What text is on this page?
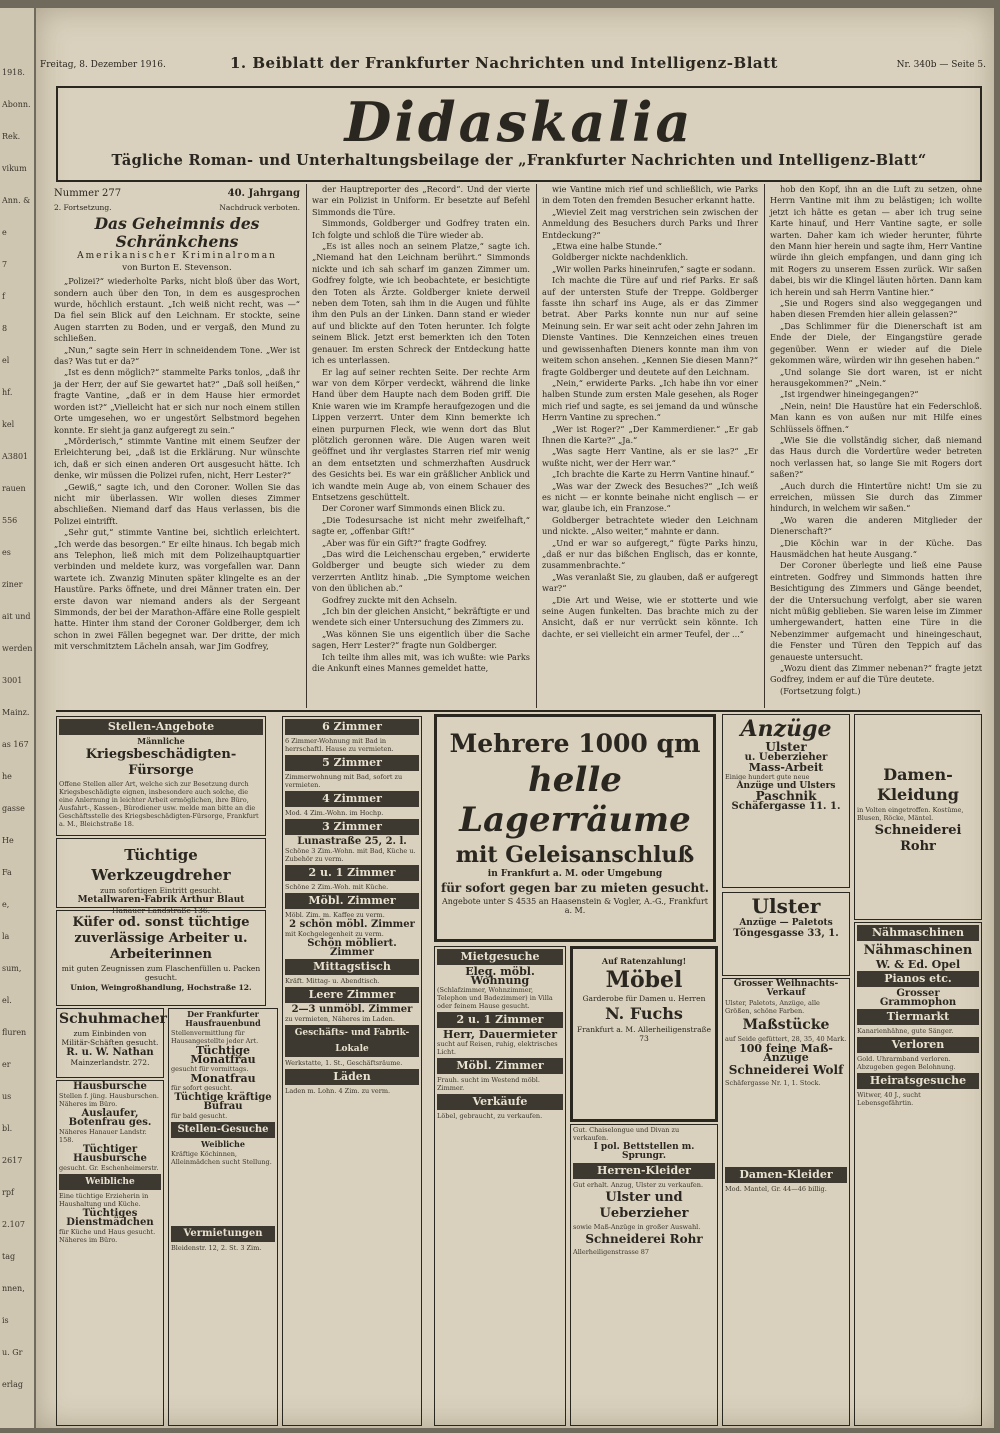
1918.
Abonn.
Rek.
vikum
Ann. &
e
7
f
8
el
hf.
kel
A3801
rauen
556
es
ziner
ait und
werden
3001
Mainz.
as 167
he
gasse
He
Fa
e,
la
sum,
el.
fluren
er
us
bl.
2617
rpf
2.107
tag
nnen,
is
u. Gr
erlag
Freitag, 8. Dezember 1916.	1. Beiblatt der Frankfurter Nachrichten und Intelligenz-Blatt	Nr. 340b — Seite 5.
Didaskalia
Tägliche Roman- und Unterhaltungsbeilage der „Frankfurter Nachrichten und Intelligenz-Blatt“
Nummer 277	40. Jahrgang
2. Fortsetzung.	Nachdruck verboten.
Das Geheimnis des Schränkchens
Amerikanischer Kriminalroman
von Burton E. Stevenson.

„Polizei?“ wiederholte Parks, nicht bloß über das Wort, sondern auch über den Ton, in dem es ausgesprochen wurde, höchlich erstaunt. „Ich weiß nicht recht, was —“ Da fiel sein Blick auf den Leichnam. Er stockte, seine Augen starrten zu Boden, und er vergaß, den Mund zu schließen.

„Nun,“ sagte sein Herr in schneidendem Tone. „Wer ist das? Was tut er da?“

„Ist es denn möglich?“ stammelte Parks tonlos, „daß ihr ja der Herr, der auf Sie gewartet hat?“ „Daß soll heißen,“ fragte Vantine, „daß er in dem Hause hier ermordet worden ist?“ „Vielleicht hat er sich nur noch einem stillen Orte umgesehen, wo er ungestört Selbstmord begehen konnte. Er sieht ja ganz aufgeregt zu sein.“

„Mörderisch,“ stimmte Vantine mit einem Seufzer der Erleichterung bei, „daß ist die Erklärung. Nur wünschte ich, daß er sich einen anderen Ort ausgesucht hätte. Ich denke, wir müssen die Polizei rufen, nicht, Herr Lester?“

„Gewiß,“ sagte ich, und den Coroner. Wollen Sie das nicht mir überlassen. Wir wollen dieses Zimmer abschließen. Niemand darf das Haus verlassen, bis die Polizei eintrifft.

„Sehr gut,“ stimmte Vantine bei, sichtlich erleichtert. „Ich werde das besorgen.“ Er eilte hinaus. Ich begab mich ans Telephon, ließ mich mit dem Polizeihauptquartier verbinden und meldete kurz, was vorgefallen war. Dann wartete ich. Zwanzig Minuten später klingelte es an der Haustüre. Parks öffnete, und drei Männer traten ein. Der erste davon war niemand anders als der Sergeant Simmonds, der bei der Marathon-Affäre eine Rolle gespielt hatte. Hinter ihm stand der Coroner Goldberger, dem ich schon in zwei Fällen begegnet war. Der dritte, der mich mit verschmitztem Lächeln ansah, war Jim Godfrey,

der Hauptreporter des „Record“. Und der vierte war ein Polizist in Uniform. Er besetzte auf Befehl Simmonds die Türe.

Simmonds, Goldberger und Godfrey traten ein. Ich folgte und schloß die Türe wieder ab.

„Es ist alles noch an seinem Platze,“ sagte ich. „Niemand hat den Leichnam berührt.“ Simmonds nickte und ich sah scharf im ganzen Zimmer um. Godfrey folgte, wie ich beobachtete, er besichtigte den Toten als Ärzte. Goldberger kniete derweil neben dem Toten, sah ihm in die Augen und fühlte ihm den Puls an der Linken. Dann stand er wieder auf und blickte auf den Toten herunter. Ich folgte seinem Blick. Jetzt erst bemerkten ich den Toten genauer. Im ersten Schreck der Entdeckung hatte ich es unterlassen.

Er lag auf seiner rechten Seite. Der rechte Arm war von dem Körper verdeckt, während die linke Hand über dem Haupte nach dem Boden griff. Die Knie waren wie im Krampfe heraufgezogen und die Lippen verzerrt. Unter dem Kinn bemerkte ich einen purpurnen Fleck, wie wenn dort das Blut plötzlich geronnen wäre. Die Augen waren weit geöffnet und ihr verglastes Starren rief mir wenig an dem entsetzten und schmerzhaften Ausdruck des Gesichts bei. Es war ein gräßlicher Anblick und ich wandte mein Auge ab, von einem Schauer des Entsetzens geschüttelt.

Der Coroner warf Simmonds einen Blick zu.

„Die Todesursache ist nicht mehr zweifelhaft,“ sagte er, „offenbar Gift!“

„Aber was für ein Gift?“ fragte Godfrey.

„Das wird die Leichenschau ergeben,“ erwiderte Goldberger und beugte sich wieder zu dem verzerrten Antlitz hinab. „Die Symptome weichen von den üblichen ab.“

Godfrey zuckte mit den Achseln.

„Ich bin der gleichen Ansicht,“ bekräftigte er und wendete sich einer Untersuchung des Zimmers zu.

„Was können Sie uns eigentlich über die Sache sagen, Herr Lester?“ fragte nun Goldberger.

Ich teilte ihm alles mit, was ich wußte: wie Parks die Ankunft eines Mannes gemeldet hatte,

wie Vantine mich rief und schließlich, wie Parks in dem Toten den fremden Besucher erkannt hatte.

„Wieviel Zeit mag verstrichen sein zwischen der Anmeldung des Besuchers durch Parks und Ihrer Entdeckung?“

„Etwa eine halbe Stunde.“

Goldberger nickte nachdenklich.

„Wir wollen Parks hineinrufen,“ sagte er sodann.

Ich machte die Türe auf und rief Parks. Er saß auf der untersten Stufe der Treppe. Goldberger fasste ihn scharf ins Auge, als er das Zimmer betrat. Aber Parks konnte nun nur auf seine Meinung sein. Er war seit acht oder zehn Jahren im Dienste Vantines. Die Kennzeichen eines treuen und gewissenhaften Dieners konnte man ihm von weitem schon ansehen. „Kennen Sie diesen Mann?“ fragte Goldberger und deutete auf den Leichnam.

„Nein,“ erwiderte Parks. „Ich habe ihn vor einer halben Stunde zum ersten Male gesehen, als Roger mich rief und sagte, es sei jemand da und wünsche Herrn Vantine zu sprechen.“

„Wer ist Roger?“ „Der Kammerdiener.“ „Er gab Ihnen die Karte?“ „Ja.“

„Was sagte Herr Vantine, als er sie las?“ „Er wußte nicht, wer der Herr war.“

„Ich brachte die Karte zu Herrn Vantine hinauf.“

„Was war der Zweck des Besuches?“ „Ich weiß es nicht — er konnte beinahe nicht englisch — er war, glaube ich, ein Franzose.“

Goldberger betrachtete wieder den Leichnam und nickte. „Also weiter,“ mahnte er dann.

„Und er war so aufgeregt,“ fügte Parks hinzu, „daß er nur das bißchen Englisch, das er konnte, zusammenbrachte.“

„Was veranlaßt Sie, zu glauben, daß er aufgeregt war?“

„Die Art und Weise, wie er stotterte und wie seine Augen funkelten. Das brachte mich zu der Ansicht, daß er nur verrückt sein könnte. Ich dachte, er sei vielleicht ein armer Teufel, der ...“

hob den Kopf, ihn an die Luft zu setzen, ohne Herrn Vantine mit ihm zu belästigen; ich wollte jetzt ich hätte es getan — aber ich trug seine Karte hinauf, und Herr Vantine sagte, er solle warten. Daher kam ich wieder herunter, führte den Mann hier herein und sagte ihm, Herr Vantine würde ihn gleich empfangen, und dann ging ich mit Rogers zu unserem Essen zurück. Wir saßen dabei, bis wir die Klingel läuten hörten. Dann kam ich herein und sah Herrn Vantine hier.“

„Sie und Rogers sind also weggegangen und haben diesen Fremden hier allein gelassen?“

„Das Schlimmer für die Dienerschaft ist am Ende der Diele, der Eingangstüre gerade gegenüber. Wenn er wieder auf die Diele gekommen wäre, würden wir ihn gesehen haben.“

„Und solange Sie dort waren, ist er nicht herausgekommen?“ „Nein.“

„Ist irgendwer hineingegangen?“

„Nein, nein! Die Haustüre hat ein Federschloß. Man kann es von außen nur mit Hilfe eines Schlüssels öffnen.“

„Wie Sie die vollständig sicher, daß niemand das Haus durch die Vordertüre weder betreten noch verlassen hat, so lange Sie mit Rogers dort saßen?“

„Auch durch die Hintertüre nicht! Um sie zu erreichen, müssen Sie durch das Zimmer hindurch, in welchem wir saßen.“

„Wo waren die anderen Mitglieder der Dienerschaft?“

„Die Köchin war in der Küche. Das Hausmädchen hat heute Ausgang.“

Der Coroner überlegte und ließ eine Pause eintreten. Godfrey und Simmonds hatten ihre Besichtigung des Zimmers und Gänge beendet, der die Untersuchung verfolgt, aber sie waren nicht müßig geblieben. Sie waren leise im Zimmer umhergewandert, hatten eine Türe in die Nebenzimmer aufgemacht und hineingeschaut, die Fenster und Türen den Teppich auf das genaueste untersucht.

„Wozu dient das Zimmer nebenan?“ fragte jetzt Godfrey, indem er auf die Türe deutete.

(Fortsetzung folgt.)

Stellen-Angebote

Männliche

Kriegsbeschädigten-Fürsorge

Offene Stellen aller Art, welche sich zur Besetzung durch Kriegsbeschädigte eignen, insbesondere auch solche, die eine Anlernung in leichter Arbeit ermöglichen, ihre Büro, Ausfahrt-, Kassen-, Bürodiener usw. melde man bitte an die Geschäftsstelle des Kriegsbeschädigten-Fürsorge, Frankfurt a. M., Bleichstraße 18.

Tüchtige Werkzeugdreher

zum sofortigen Eintritt gesucht.

Metallwaren-Fabrik Arthur Blaut

Hanauer Landstraße 136.

Küfer od. sonst tüchtige zuverlässige Arbeiter u. Arbeiterinnen

mit guten Zeugnissen zum Flaschenfüllen u. Packen gesucht.

Union, Weingroßhandlung, Hochstraße 12.

Schuhmacher

zum Einbinden von Militär-Schäften gesucht.

R. u. W. Nathan

Mainzerlandstr. 272.

Hausbursche

Stellen f. jüng. Hausburschen. Näheres im Büro.

Auslaufer, Botenfrau ges.

Näheres Hanauer Landstr. 158.

Tüchtiger Hausbursche

gesucht. Gr. Eschenheimerstr.

Weibliche

Eine tüchtige Erzieherin in Haushaltung und Küche.

Tüchtiges Dienstmädchen

für Küche und Haus gesucht. Näheres im Büro.

Der Frankfurter Hausfrauenbund

Stellenvermittlung für Hausangestellte jeder Art.

Tüchtige Monatfrau

gesucht für vormittags.

Monatfrau

für sofort gesucht.

Tüchtige kräftige Büfrau

für bald gesucht.

Stellen-Gesuche

Weibliche

Kräftige Köchinnen, Alleinmädchen sucht Stellung.

Vermietungen

Bleidenstr. 12, 2. St. 3 Zim.

6 Zimmer

6 Zimmer-Wohnung mit Bad in herrschaftl. Hause zu vermieten.

5 Zimmer

Zimmerwohnung mit Bad, sofort zu vermieten.

4 Zimmer

Mod. 4 Zim.-Wohn. im Hochp.

3 Zimmer

Lunastraße 25, 2. l.

Schöne 3 Zim.-Wohn. mit Bad, Küche u. Zubehör zu verm.

2 u. 1 Zimmer

Schöne 2 Zim.-Woh. mit Küche.

Möbl. Zimmer

Möbl. Zim. m. Kaffee zu verm.

2 schön möbl. Zimmer

mit Kochgelegenheit zu verm.

Schön möbliert. Zimmer

Mittagstisch

Kräft. Mittag- u. Abendtisch.

Leere Zimmer

2—3 unmöbl. Zimmer

zu vermieten, Näheres im Laden.

Geschäfts- und Fabrik-Lokale

Werkstatte, 1. St., Geschäftsräume.

Läden

Laden m. Lohn. 4 Zim. zu verm.

Mehrere 1000 qm

helle Lagerräume

mit Geleisanschluß

in Frankfurt a. M. oder Umgebung

für sofort gegen bar zu mieten gesucht.

Angebote unter S 4535 an Haasenstein & Vogler, A.-G., Frankfurt a. M.

Mietgesuche

Eleg. möbl. Wohnung

(Schlafzimmer, Wohnzimmer, Telephon und Badezimmer) in Villa oder feinem Hause gesucht.

2 u. 1 Zimmer

Herr, Dauermieter

sucht auf Reisen, ruhig, elektrisches Licht.

Möbl. Zimmer

Frauh. sucht im Westend möbl. Zimmer.

Verkäufe

Löbel, gebraucht, zu verkaufen.

Auf Ratenzahlung!

Möbel

Garderobe für Damen u. Herren

N. Fuchs

Frankfurt a. M. Allerheiligenstraße 73

Gut. Chaiselongue und Divan zu verkaufen.

I pol. Bettstellen m. Sprungr.

Herren-Kleider

Gut erhalt. Anzug, Ulster zu verkaufen.

Ulster und Ueberzieher

sowie Maß-Anzüge in großer Auswahl.

Schneiderei Rohr

Allerheiligenstrasse 87

Anzüge

Ulster

u. Ueberzieher

Mass-Arbeit

Einige hundert gute neue

Anzüge und Ulsters

Paschnik

Schäfergasse 11. 1.

Ulster

Anzüge — Paletots

Töngesgasse 33, 1.

Grosser Weihnachts-Verkauf

Ulster, Paletots, Anzüge, alle Größen, schöne Farben.

Maßstücke

auf Seide gefüttert, 28, 35, 40 Mark.

100 feine Maß-Anzüge

Schneiderei Wolf

Schäfergasse Nr. 1, 1. Stock.

Damen-Kleider

Mod. Mantel, Gr. 44—46 billig.

Damen-Kleidung

in Volten eingetroffen. Kostüme, Blusen, Röcke, Mäntel.

Schneiderei Rohr

Nähmaschinen

Nähmaschinen

W. & Ed. Opel

Pianos etc.

Grosser Grammophon

Tiermarkt

Kanarienhähne, gute Sänger.

Verloren

Gold. Uhrarmband verloren. Abzugeben gegen Belohnung.

Heiratsgesuche

Witwer, 40 J., sucht Lebensgefährtin.
